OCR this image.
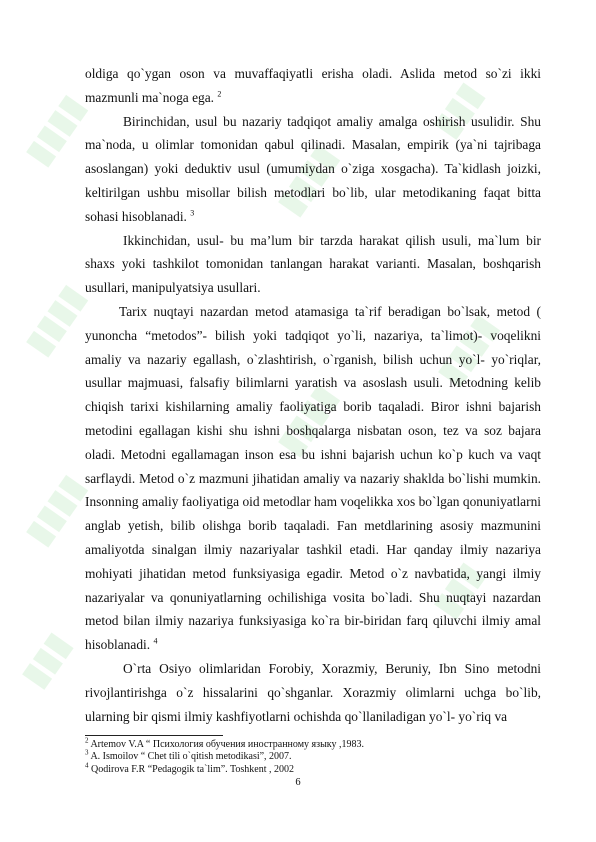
▮▮▮▮
▮▮▮▮
▮▮▮▮
▮▮▮
▮▮▮▮
▮▮▮▮
▮▮▮
▮▮▮▮
▮▮▮

oldiga qo`ygan oson va muvaffaqiyatli erisha oladi. Aslida metod so`zi ikki mazmunli ma`noga ega. $^2$

Birinchidan, usul bu nazariy tadqiqot amaliy amalga oshirish usulidir. Shu ma`noda, u olimlar tomonidan qabul qilinadi. Masalan, empirik (ya`ni tajribaga asoslangan) yoki deduktiv usul (umumiydan o`ziga xosgacha). Ta`kidlash joizki, keltirilgan ushbu misollar bilish metodlari bo`lib, ular metodikaning faqat bitta sohasi hisoblanadi. $^3$

Ikkinchidan, usul- bu ma’lum bir tarzda harakat qilish usuli, ma`lum bir shaxs yoki tashkilot tomonidan tanlangan harakat varianti. Masalan, boshqarish usullari, manipulyatsiya usullari.

Tarix nuqtayi nazardan metod atamasiga ta`rif beradigan bo`lsak, metod ( yunoncha “metodos”- bilish yoki tadqiqot yo`li, nazariya, ta`limot)- voqelikni amaliy va nazariy egallash, o`zlashtirish, o`rganish, bilish uchun yo`l- yo`riqlar, usullar majmuasi, falsafiy bilimlarni yaratish va asoslash usuli. Metodning kelib chiqish tarixi kishilarning amaliy faoliyatiga borib taqaladi. Biror ishni bajarish metodini egallagan kishi shu ishni boshqalarga nisbatan oson, tez va soz bajara oladi. Metodni egallamagan inson esa bu ishni bajarish uchun ko`p kuch va vaqt sarflaydi. Metod o`z mazmuni jihatidan amaliy va nazariy shaklda bo`lishi mumkin. Insonning amaliy faoliyatiga oid metodlar ham voqelikka xos bo`lgan qonuniyatlarni anglab yetish, bilib olishga borib taqaladi. Fan metdlarining asosiy mazmunini amaliyotda sinalgan ilmiy nazariyalar tashkil etadi. Har qanday ilmiy nazariya mohiyati jihatidan metod funksiyasiga egadir. Metod o`z navbatida, yangi ilmiy nazariyalar va qonuniyatlarning ochilishiga vosita bo`ladi. Shu nuqtayi nazardan metod bilan ilmiy nazariya funksiyasiga ko`ra bir-biridan farq qiluvchi ilmiy amal hisoblanadi. $^4$

O`rta Osiyo olimlaridan Forobiy, Xorazmiy, Beruniy, Ibn Sino metodni rivojlantirishga o`z hissalarini qo`shganlar. Xorazmiy olimlarni uchga bo`lib, ularning bir qismi ilmiy kashfiyotlarni ochishda qo`llaniladigan yo`l- yo`riq va

$^2$ Artemov V.A “ Психология обучения иностранному языку ,1983.

$^3$ A. Ismoilov “ Chet tili o`qitish metodikasi”, 2007.

$^4$ Qodirova F.R “Pedagogik ta`lim”. Toshkent , 2002

6
